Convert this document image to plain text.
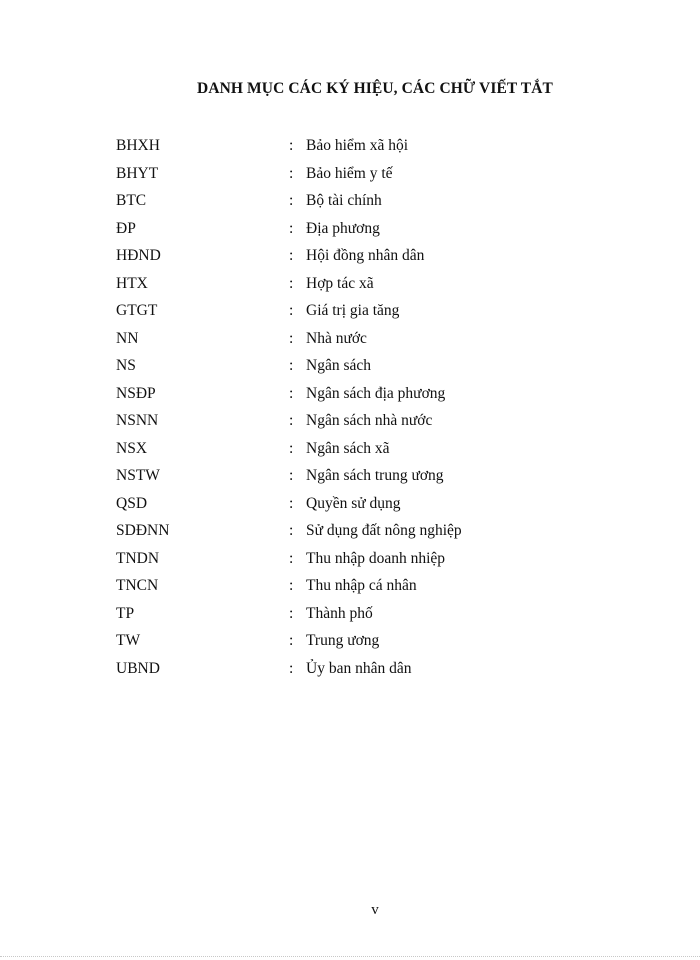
DANH MỤC CÁC KÝ HIỆU, CÁC CHỮ VIẾT TẮT
BHXH	: Bảo hiểm xã hội
BHYT	: Bảo hiểm y tế
BTC	: Bộ tài chính
ĐP	: Địa phương
HĐND	: Hội đồng nhân dân
HTX	: Hợp tác xã
GTGT	: Giá trị gia tăng
NN	: Nhà nước
NS	: Ngân sách
NSĐP	: Ngân sách địa phương
NSNN	: Ngân sách nhà nước
NSX	: Ngân sách xã
NSTW	: Ngân sách trung ương
QSD	: Quyền sử dụng
SDĐNN	: Sử dụng đất nông nghiệp
TNDN	: Thu nhập doanh nhiệp
TNCN	: Thu nhập cá nhân
TP	: Thành phố
TW	: Trung ương
UBND	: Ủy ban nhân dân
v
